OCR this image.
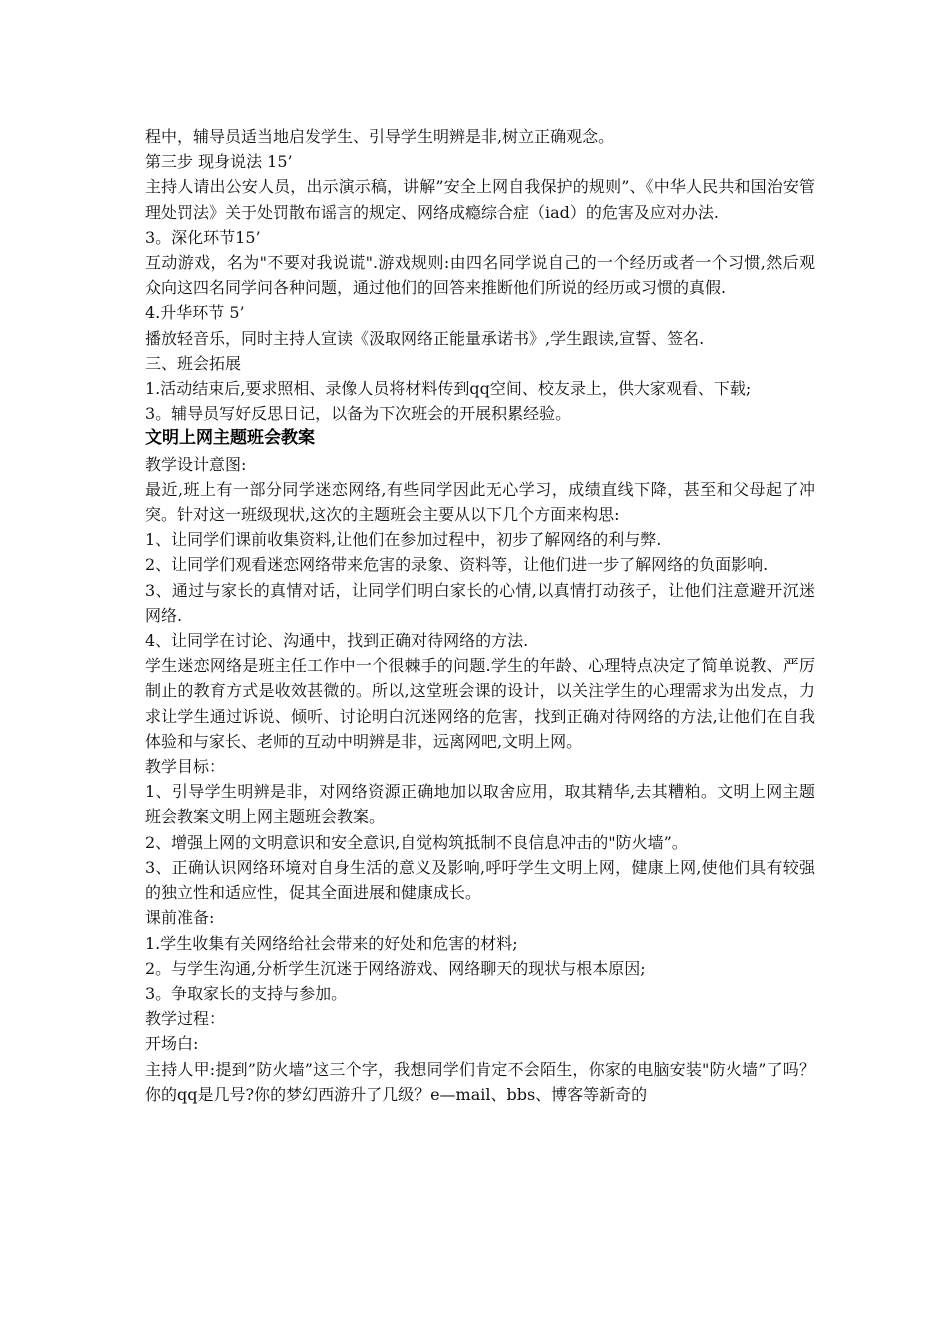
程中，辅导员适当地启发学生、引导学生明辨是非,树立正确观念。

第三步 现身说法 15’

主持人请出公安人员，出示演示稿，讲解”安全上网自我保护的规则”、《中华人民共和国治安管理处罚法》关于处罚散布谣言的规定、网络成瘾综合症（iad）的危害及应对办法.

3。深化环节15’

互动游戏，名为"不要对我说谎".游戏规则:由四名同学说自己的一个经历或者一个习惯,然后观众向这四名同学问各种问题，通过他们的回答来推断他们所说的经历或习惯的真假.

4.升华环节 5’

播放轻音乐，同时主持人宣读《汲取网络正能量承诺书》,学生跟读,宣誓、签名.

三、班会拓展

1.活动结束后,要求照相、录像人员将材料传到qq空间、校友录上，供大家观看、下载;

3。辅导员写好反思日记，以备为下次班会的开展积累经验。

文明上网主题班会教案

教学设计意图:

最近,班上有一部分同学迷恋网络,有些同学因此无心学习，成绩直线下降，甚至和父母起了冲突。针对这一班级现状,这次的主题班会主要从以下几个方面来构思:

1、让同学们课前收集资料,让他们在参加过程中，初步了解网络的利与弊.

2、让同学们观看迷恋网络带来危害的录象、资料等，让他们进一步了解网络的负面影响.

3、通过与家长的真情对话，让同学们明白家长的心情,以真情打动孩子，让他们注意避开沉迷网络.

4、让同学在讨论、沟通中，找到正确对待网络的方法.

学生迷恋网络是班主任工作中一个很棘手的问题.学生的年龄、心理特点决定了简单说教、严厉制止的教育方式是收效甚微的。所以,这堂班会课的设计，以关注学生的心理需求为出发点，力求让学生通过诉说、倾听、讨论明白沉迷网络的危害，找到正确对待网络的方法,让他们在自我体验和与家长、老师的互动中明辨是非，远离网吧,文明上网。

教学目标：

1、引导学生明辨是非，对网络资源正确地加以取舍应用，取其精华,去其糟粕。文明上网主题班会教案文明上网主题班会教案。

2、增强上网的文明意识和安全意识,自觉构筑抵制不良信息冲击的"防火墙”。

3、正确认识网络环境对自身生活的意义及影响,呼吁学生文明上网，健康上网,使他们具有较强的独立性和适应性，促其全面进展和健康成长。

课前准备:

1.学生收集有关网络给社会带来的好处和危害的材料;

2。与学生沟通,分析学生沉迷于网络游戏、网络聊天的现状与根本原因;

3。争取家长的支持与参加。

教学过程：

开场白:

主持人甲:提到”防火墙”这三个字，我想同学们肯定不会陌生，你家的电脑安装"防火墙”了吗？你的qq是几号?你的梦幻西游升了几级？e—mail、bbs、博客等新奇的
